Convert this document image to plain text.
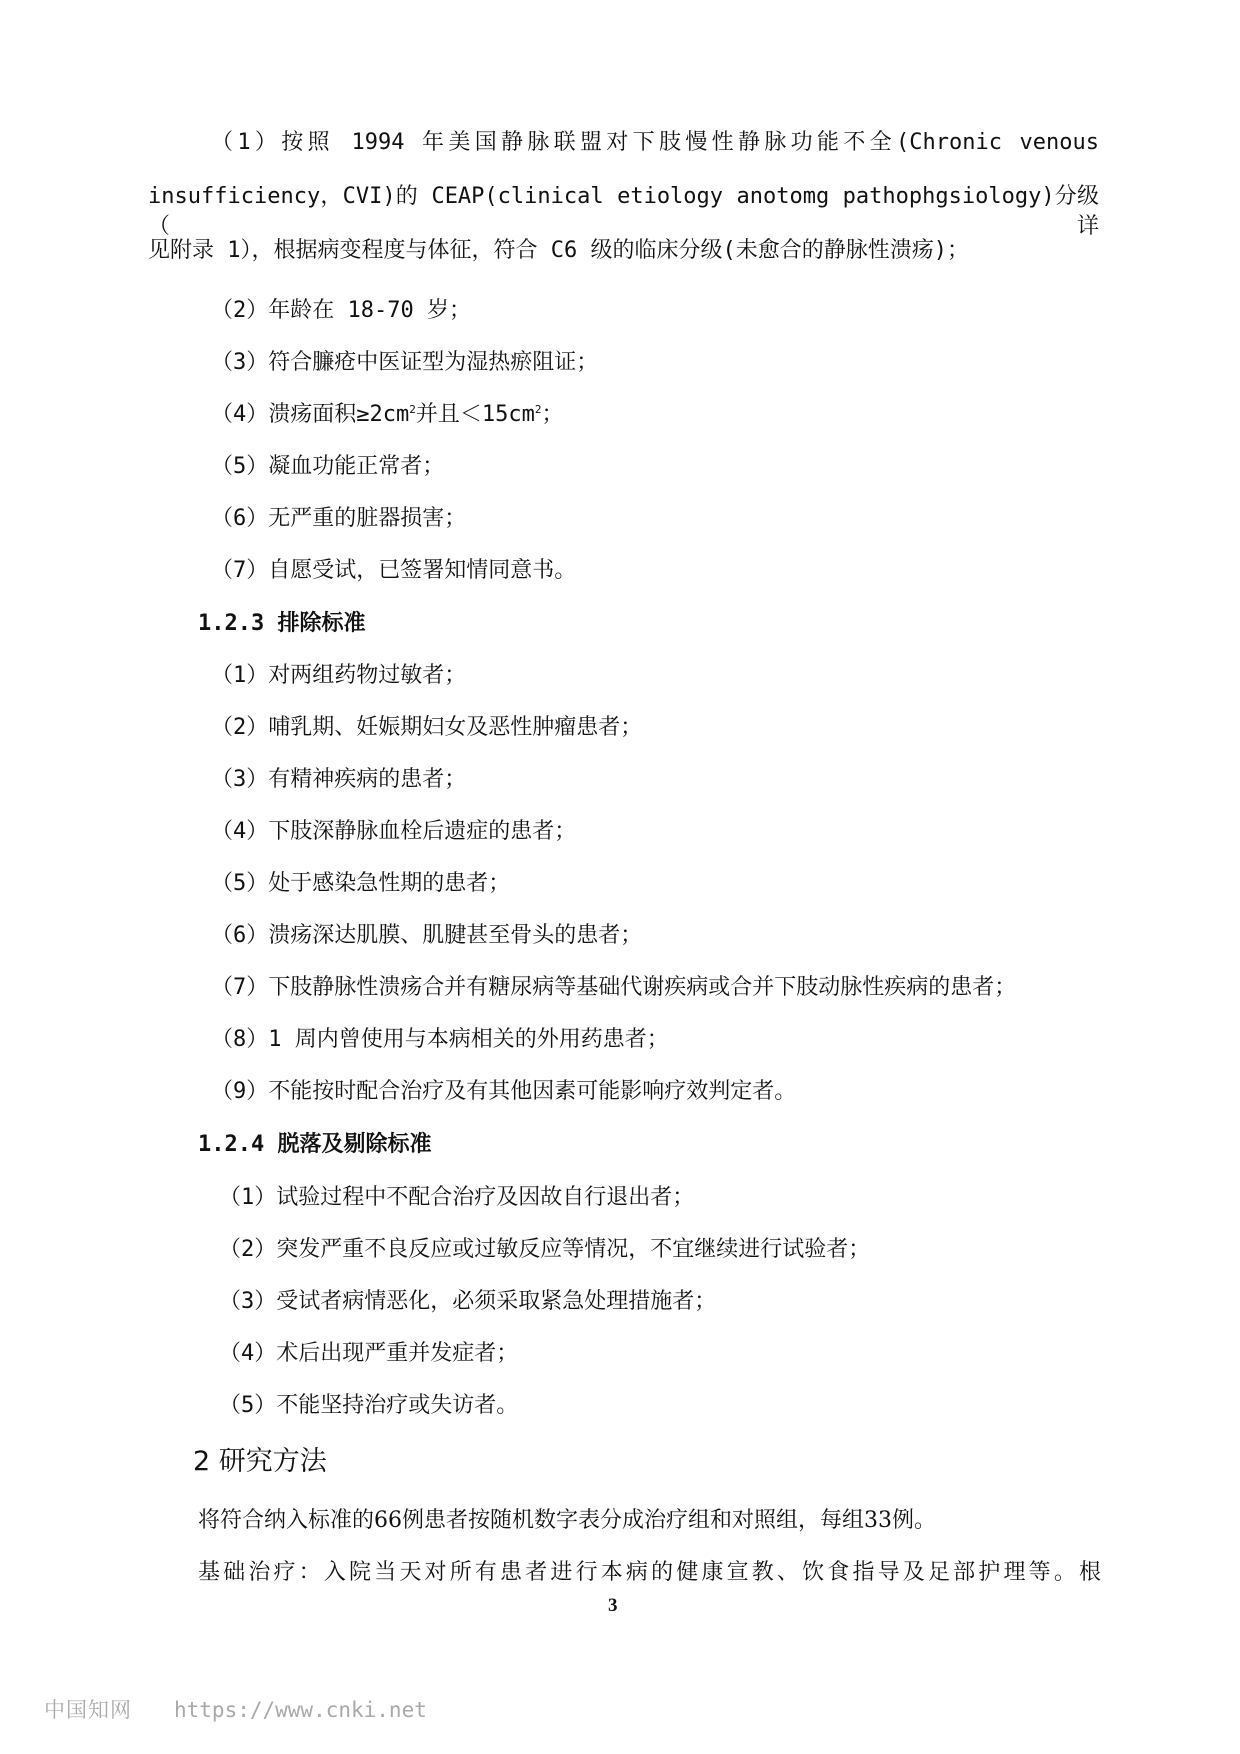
（1）按照 1994 年美国静脉联盟对下肢慢性静脉功能不全(Chronic venous
insufficiency，CVI)的 CEAP(clinical etiology anotomg pathophgsiology)分级（详
见附录 1），根据病变程度与体征，符合 C6 级的临床分级(未愈合的静脉性溃疡)；
（2）年龄在 18-70 岁；
（3）符合臁疮中医证型为湿热瘀阻证；
（4）溃疡面积$\ge 2cm^2$并且$<15cm^2$；
（5）凝血功能正常者；
（6）无严重的脏器损害；
（7）自愿受试，已签署知情同意书。
1.2.3 排除标准
（1）对两组药物过敏者；
（2）哺乳期、妊娠期妇女及恶性肿瘤患者；
（3）有精神疾病的患者；
（4）下肢深静脉血栓后遗症的患者；
（5）处于感染急性期的患者；
（6）溃疡深达肌膜、肌腱甚至骨头的患者；
（7）下肢静脉性溃疡合并有糖尿病等基础代谢疾病或合并下肢动脉性疾病的患者；
（8）1 周内曾使用与本病相关的外用药患者；
（9）不能按时配合治疗及有其他因素可能影响疗效判定者。
1.2.4 脱落及剔除标准
（1）试验过程中不配合治疗及因故自行退出者；
（2）突发严重不良反应或过敏反应等情况，不宜继续进行试验者；
（3）受试者病情恶化，必须采取紧急处理措施者；
（4）术后出现严重并发症者；
（5）不能坚持治疗或失访者。
2 研究方法
将符合纳入标准的66例患者按随机数字表分成治疗组和对照组，每组33例。
基础治疗：入院当天对所有患者进行本病的健康宣教、饮食指导及足部护理等。根
3
中国知网 https://www.cnki.net
